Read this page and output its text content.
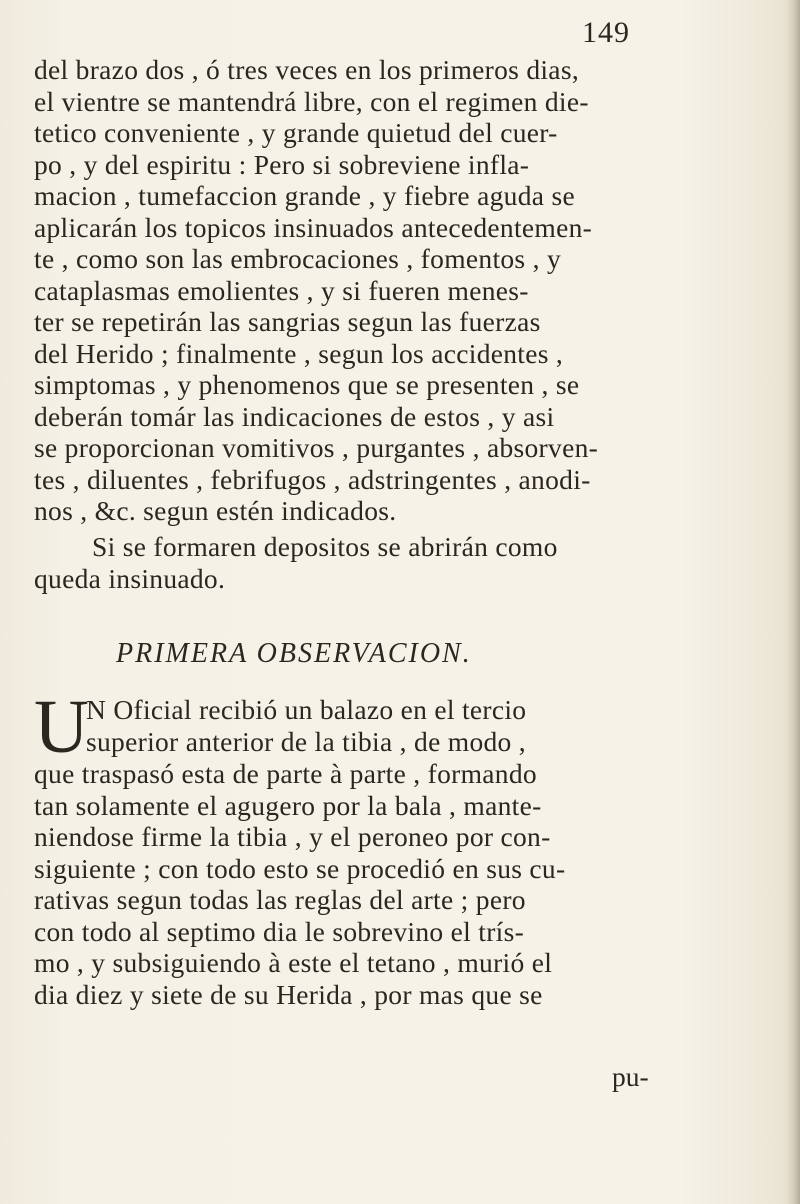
149
del brazo dos , ó tres veces en los primeros dias,
el vientre se mantendrá libre, con el regimen die-
tetico conveniente , y grande quietud del cuer-
po , y del espiritu : Pero si sobreviene infla-
macion , tumefaccion grande , y fiebre aguda se
aplicarán los topicos insinuados antecedentemen-
te , como son las embrocaciones , fomentos , y
cataplasmas emolientes , y si fueren menes-
ter se repetirán las sangrias segun las fuerzas
del Herido ; finalmente , segun los accidentes ,
simptomas , y phenomenos que se presenten , se
deberán tomár las indicaciones de estos , y asi
se proporcionan vomitivos , purgantes , absorven-
tes , diluentes , febrifugos , adstringentes , anodi-
nos , &c. segun estén indicados.
Si se formaren depositos se abrirán como
queda insinuado.
PRIMERA OBSERVACION.
U
N Oficial recibió un balazo en el tercio
superior anterior de la tibia , de modo ,
que traspasó esta de parte à parte , formando
tan solamente el agugero por la bala , mante-
niendose firme la tibia , y el peroneo por con-
siguiente ; con todo esto se procedió en sus cu-
rativas segun todas las reglas del arte ; pero
con todo al septimo dia le sobrevino el trís-
mo , y subsiguiendo à este el tetano , murió el
dia diez y siete de su Herida , por mas que se
pu-
